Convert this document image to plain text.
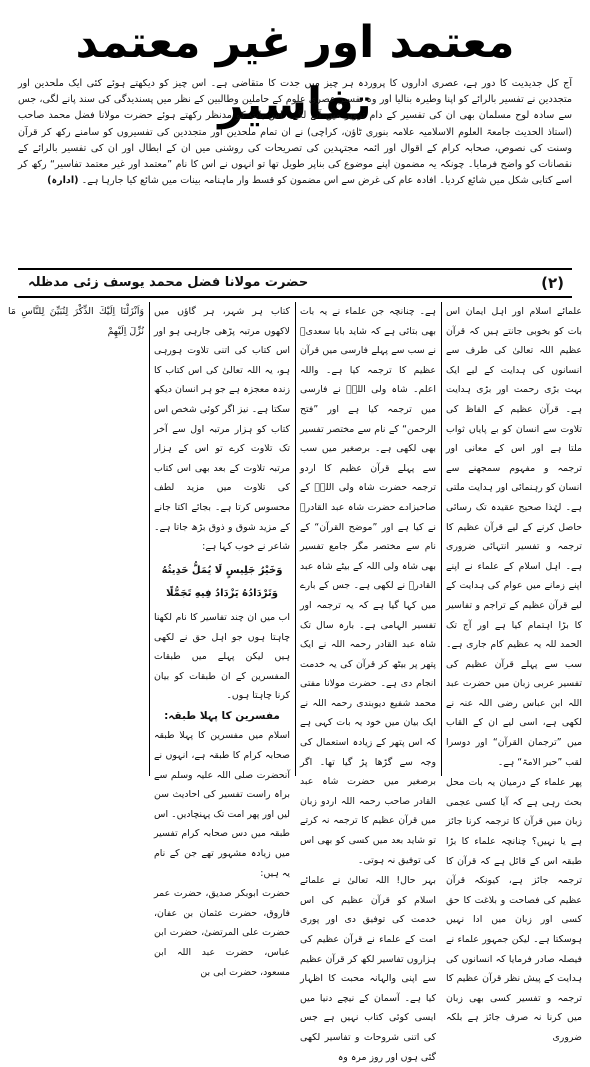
معتمد اور غیر معتمد تفاسیر

آج کل جدیدیت کا دور ہے، عصری اداروں کا پروردہ ہر چیز میں جدت کا متقاضی ہے۔ اس چیز کو دیکھتے ہوئے کئی ایک ملحدین اور متجددین نے تفسیر بالرائے کو اپنا وطیرہ بنالیا اور وہ تفسیر عصری علوم کے حاملین وطالبین کے نظر میں پسندیدگی کی سند پانے لگی، جس سے سادہ لوح مسلمان بھی ان کی تفسیر کے دام تزویر میں آنے لگے۔ اس بات کو مدنظر رکھتے ہوئے حضرت مولانا فضل محمد صاحب (استاذ الحدیث جامعۃ العلوم الاسلامیہ علامہ بنوری ٹاؤن، کراچی) نے ان تمام ملحدین اور متجددین کی تفسیروں کو سامنے رکھ کر قرآن وسنت کی نصوص، صحابہ کرام کے اقوال اور ائمہ مجتہدین کی تصریحات کی روشنی میں ان کے ابطال اور ان کی تفسیر بالرائے کے نقصانات کو واضح فرمایا۔ چونکہ یہ مضمون اپنے موضوع کی بناپر طویل تھا تو انہوں نے اس کا نام ”معتمد اور غیر معتمد تفاسیر“ رکھ کر اسے کتابی شکل میں شائع کردیا۔ افادہ عام کی غرض سے اس مضمون کو قسط وار ماہنامہ بینات میں شائع کیا جارہا ہے۔ (ادارہ)

(۲)
حضرت مولانا فضل محمد یوسف زئی مدظلہ

علمائے اسلام اور اہل ایمان اس بات کو بخوبی جانتے ہیں کہ قرآن عظیم اللہ تعالیٰ کی طرف سے انسانوں کی ہدایت کے لیے ایک بہت بڑی رحمت اور بڑی ہدایت ہے۔ قرآن عظیم کے الفاظ کی تلاوت سے انسان کو بے پایاں ثواب ملتا ہے اور اس کے معانی اور ترجمہ و مفہوم سمجھنے سے انسان کو رہنمائی اور ہدایت ملتی ہے۔ لہٰذا صحیح عقیدہ تک رسائی حاصل کرنے کے لیے قرآن عظیم کا ترجمہ و تفسیر انتہائی ضروری ہے۔ اہل اسلام کے علماء نے اپنے اپنے زمانے میں عوام کی ہدایت کے لیے قرآن عظیم کے تراجم و تفاسیر کا بڑا اہتمام کیا ہے اور آج تک الحمد للہ یہ عظیم کام جاری ہے۔ سب سے پہلے قرآن عظیم کی تفسیر عربی زبان میں حضرت عبد اللہ ابن عباس رضی اللہ عنہ نے لکھی ہے، اسی لیے ان کے القاب میں ”ترجمان القرآن“ اور دوسرا لقب ”حبر الامۃ“ ہے۔

پھر علماء کے درمیان یہ بات محل بحث رہی ہے کہ آیا کسی عجمی زبان میں قرآن کا ترجمہ کرنا جائز ہے یا نہیں؟ چنانچہ علماء کا بڑا طبقہ اس کے قائل ہے کہ قرآن کا ترجمہ جائز ہے، کیونکہ قرآن عظیم کی فصاحت و بلاغت کا حق کسی اور زبان میں ادا نہیں ہوسکتا ہے۔ لیکن جمہور علماء نے فیصلہ صادر فرمایا کہ انسانوں کی ہدایت کے پیش نظر قرآن عظیم کا ترجمہ و تفسیر کسی بھی زبان میں کرنا نہ صرف جائز ہے بلکہ ضروری

ہے۔ چنانچہ جن علماء نے یہ بات بھی بتائی ہے کہ شاید بابا سعدیؒ نے سب سے پہلے فارسی میں قرآن عظیم کا ترجمہ کیا ہے۔ واللہ اعلم۔ شاہ ولی اللہؒ نے فارسی میں ترجمہ کیا ہے اور ”فتح الرحمن“ کے نام سے مختصر تفسیر بھی لکھی ہے۔ برصغیر میں سب سے پہلے قرآن عظیم کا اردو ترجمہ حضرت شاہ ولی اللہؒ کے صاحبزادے حضرت شاہ عبد القادرؒ نے کیا ہے اور ”موضح القرآن“ کے نام سے مختصر مگر جامع تفسیر بھی شاہ ولی اللہ کے بیٹے شاہ عبد القادرؒ نے لکھی ہے۔ جس کے بارے میں کہا گیا ہے کہ یہ ترجمہ اور تفسیر الہامی ہے۔ بارہ سال تک شاہ عبد القادر رحمہ اللہ نے ایک پتھر پر بیٹھ کر قرآن کی یہ خدمت انجام دی ہے۔ حضرت مولانا مفتی محمد شفیع دیوبندی رحمہ اللہ نے ایک بیان میں خود یہ بات کہی ہے کہ اس پتھر کے زیادہ استعمال کی وجہ سے گڑھا پڑ گیا تھا۔ اگر برصغیر میں حضرت شاہ عبد القادر صاحب رحمہ اللہ اردو زبان میں قرآن عظیم کا ترجمہ نہ کرتے تو شاید بعد میں کسی کو بھی اس کی توفیق نہ ہوتی۔

بہر حال! اللہ تعالیٰ نے علمائے اسلام کو قرآن عظیم کی اس خدمت کی توفیق دی اور پوری امت کے علماء نے قرآن عظیم کی ہزاروں تفاسیر لکھ کر قرآن عظیم سے اپنی والہانہ محبت کا اظہار کیا ہے۔ آسمان کے نیچے دنیا میں ایسی کوئی کتاب نہیں ہے جس کی اتنی شروحات و تفاسیر لکھی گئی ہوں اور روز مرہ وہ

کتاب ہر شہر، ہر گاؤں میں لاکھوں مرتبہ پڑھی جارہی ہو اور اس کتاب کی اتنی تلاوت ہورہی ہو، یہ اللہ تعالیٰ کی اس کتاب کا زندہ معجزہ ہے جو ہر انسان دیکھ سکتا ہے۔ نیز اگر کوئی شخص اس کتاب کو ہزار مرتبہ اول سے آخر تک تلاوت کرے تو اس کے ہزار مرتبہ تلاوت کے بعد بھی اس کتاب کی تلاوت میں مزید لطف محسوس کرتا ہے۔ بجائے اکتا جانے کے مزید شوق و ذوق بڑھ جاتا ہے۔ شاعر نے خوب کہا ہے:

وَخَيْرُ جَلِيسٍ لَا يُمَلُّ حَدِيثُهُ
وَتَرْدَادُهُ يَزْدَادُ فِيهِ تَجَمُّلًا

اب میں ان چند تفاسیر کا نام لکھنا چاہتا ہوں جو اہل حق نے لکھی ہیں لیکن پہلے میں طبقات المفسرین کے ان طبقات کو بیان کرنا چاہتا ہوں۔

مفسرین کا پہلا طبقہ:

اسلام میں مفسرین کا پہلا طبقہ صحابہ کرام کا طبقہ ہے، انہوں نے آنحضرت صلی اللہ علیہ وسلم سے براہ راست تفسیر کی احادیث سن لیں اور پھر امت تک پہنچادیں۔ اس طبقہ میں دس صحابہ کرام تفسیر میں زیادہ مشہور تھے جن کے نام یہ ہیں:

حضرت ابوبکر صدیق، حضرت عمر فاروق، حضرت عثمان بن عفان، حضرت علی المرتضیٰ، حضرت ابن عباس، حضرت عبد اللہ ابن مسعود، حضرت ابی بن

وَاَنْزَلْنَا اِلَيْكَ الذِّكْرَ لِتُبَيِّنَ لِلنَّاسِ مَا نُزِّلَ اِلَيْهِمْ
